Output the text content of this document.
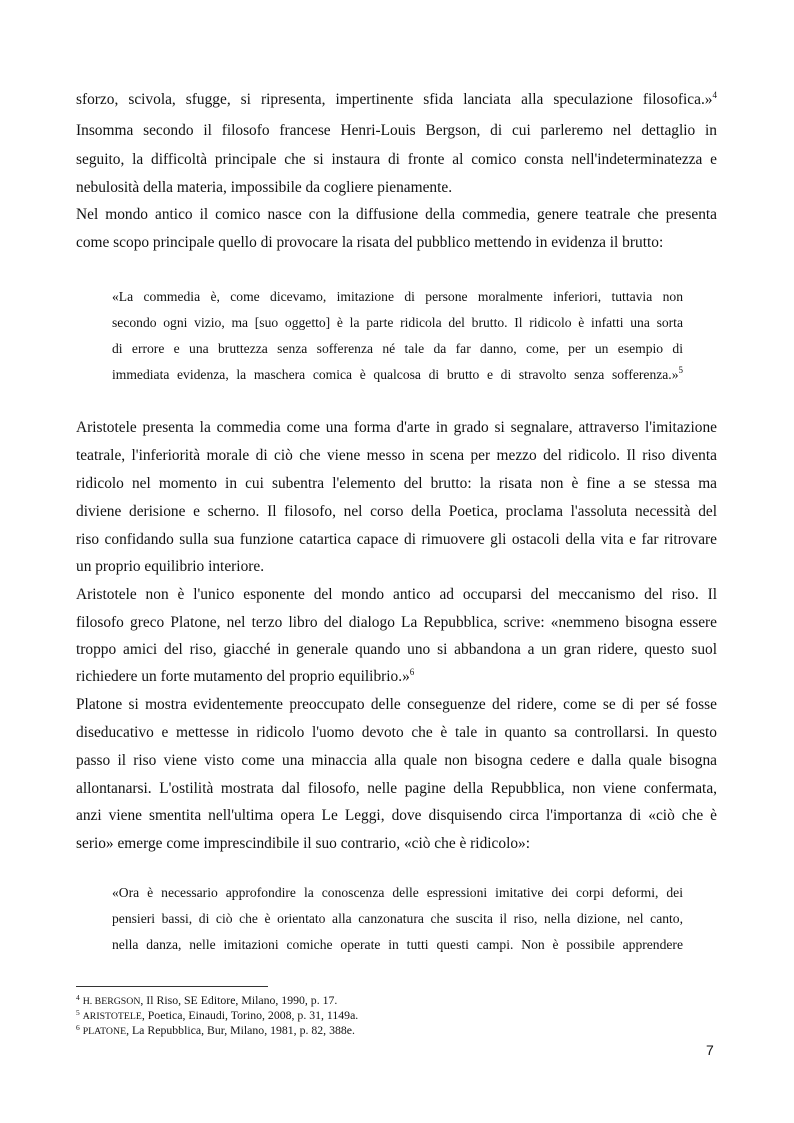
sforzo, scivola, sfugge, si ripresenta, impertinente sfida lanciata alla speculazione filosofica.»$^4$

Insomma secondo il filosofo francese Henri-Louis Bergson, di cui parleremo nel dettaglio in

seguito, la difficoltà principale che si instaura di fronte al comico consta nell'indeterminatezza e

nebulosità della materia, impossibile da cogliere pienamente.

Nel mondo antico il comico nasce con la diffusione della commedia, genere teatrale che presenta

come scopo principale quello di provocare la risata del pubblico mettendo in evidenza il brutto:

«La commedia è, come dicevamo, imitazione di persone moralmente inferiori, tuttavia non

secondo ogni vizio, ma [suo oggetto] è la parte ridicola del brutto. Il ridicolo è infatti una sorta

di errore e una bruttezza senza sofferenza né tale da far danno, come, per un esempio di

immediata evidenza, la maschera comica è qualcosa di brutto e di stravolto senza sofferenza.»$^5$

Aristotele presenta la commedia come una forma d'arte in grado si segnalare, attraverso l'imitazione

teatrale, l'inferiorità morale di ciò che viene messo in scena per mezzo del ridicolo. Il riso diventa

ridicolo nel momento in cui subentra l'elemento del brutto: la risata non è fine a se stessa ma

diviene derisione e scherno. Il filosofo, nel corso della Poetica, proclama l'assoluta necessità del

riso confidando sulla sua funzione catartica capace di rimuovere gli ostacoli della vita e far ritrovare

un proprio equilibrio interiore.

Aristotele non è l'unico esponente del mondo antico ad occuparsi del meccanismo del riso. Il

filosofo greco Platone, nel terzo libro del dialogo La Repubblica, scrive: «nemmeno bisogna essere

troppo amici del riso, giacché in generale quando uno si abbandona a un gran ridere, questo suol

richiedere un forte mutamento del proprio equilibrio.»$^6$

Platone si mostra evidentemente preoccupato delle conseguenze del ridere, come se di per sé fosse

diseducativo e mettesse in ridicolo l'uomo devoto che è tale in quanto sa controllarsi. In questo

passo il riso viene visto come una minaccia alla quale non bisogna cedere e dalla quale bisogna

allontanarsi. L'ostilità mostrata dal filosofo, nelle pagine della Repubblica, non viene confermata,

anzi viene smentita nell'ultima opera Le Leggi, dove disquisendo circa l'importanza di «ciò che è

serio» emerge come imprescindibile il suo contrario, «ciò che è ridicolo»:

«Ora è necessario approfondire la conoscenza delle espressioni imitative dei corpi deformi, dei

pensieri bassi, di ciò che è orientato alla canzonatura che suscita il riso, nella dizione, nel canto,

nella danza, nelle imitazioni comiche operate in tutti questi campi. Non è possibile apprendere

$^4$ H. BERGSON, Il Riso, SE Editore, Milano, 1990, p. 17.

$^5$ ARISTOTELE, Poetica, Einaudi, Torino, 2008, p. 31, 1149a.

$^6$ PLATONE, La Repubblica, Bur, Milano, 1981, p. 82, 388e.

7
